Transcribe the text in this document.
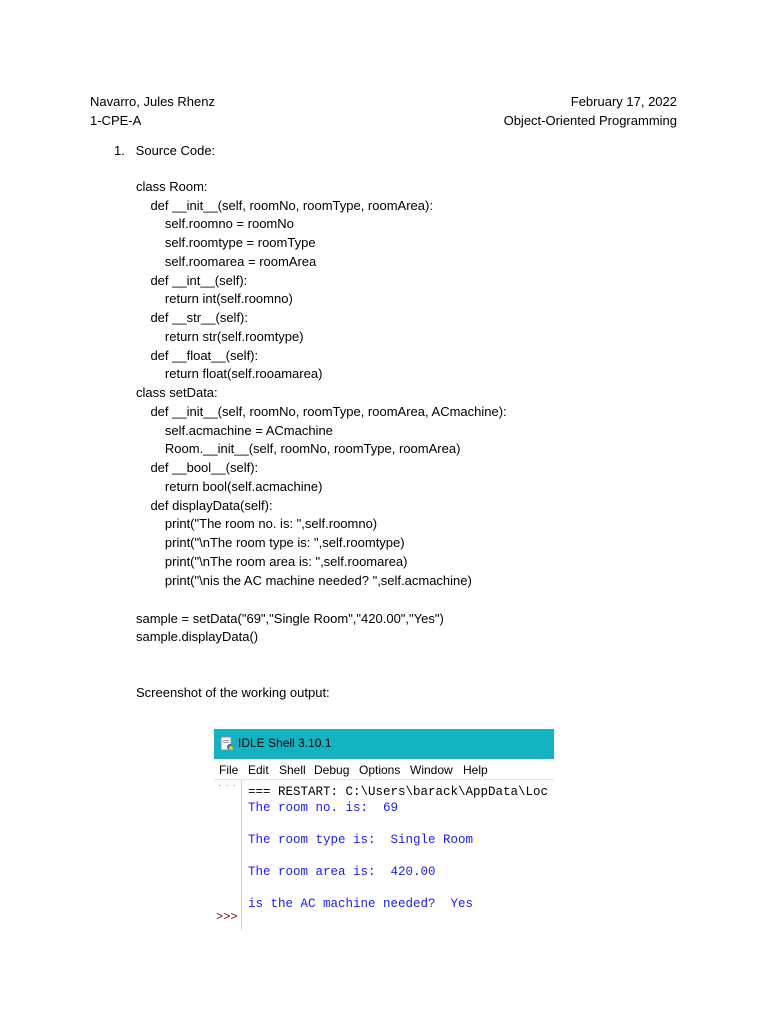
Navarro, Jules Rhenz
1-CPE-A
February 17, 2022
Object-Oriented Programming
1.   Source Code:
class Room:
def __init__(self, roomNo, roomType, roomArea):
self.roomno = roomNo
self.roomtype = roomType
self.roomarea = roomArea
def __int__(self):
return int(self.roomno)
def __str__(self):
return str(self.roomtype)
def __float__(self):
return float(self.rooamarea)
class setData:
def __init__(self, roomNo, roomType, roomArea, ACmachine):
self.acmachine = ACmachine
Room.__init__(self, roomNo, roomType, roomArea)
def __bool__(self):
return bool(self.acmachine)
def displayData(self):
print("The room no. is: ",self.roomno)
print("\nThe room type is: ",self.roomtype)
print("\nThe room area is: ",self.roomarea)
print("\nis the AC machine needed? ",self.acmachine)
sample = setData("69","Single Room","420.00","Yes")
sample.displayData()
Screenshot of the working output:
IDLE Shell 3.10.1
File Edit Shell Debug Options Window Help
· · ·
>>>
=== RESTART: C:\Users\barack\AppData\Loc
The room no. is:  69
The room type is:  Single Room
The room area is:  420.00
is the AC machine needed?  Yes
